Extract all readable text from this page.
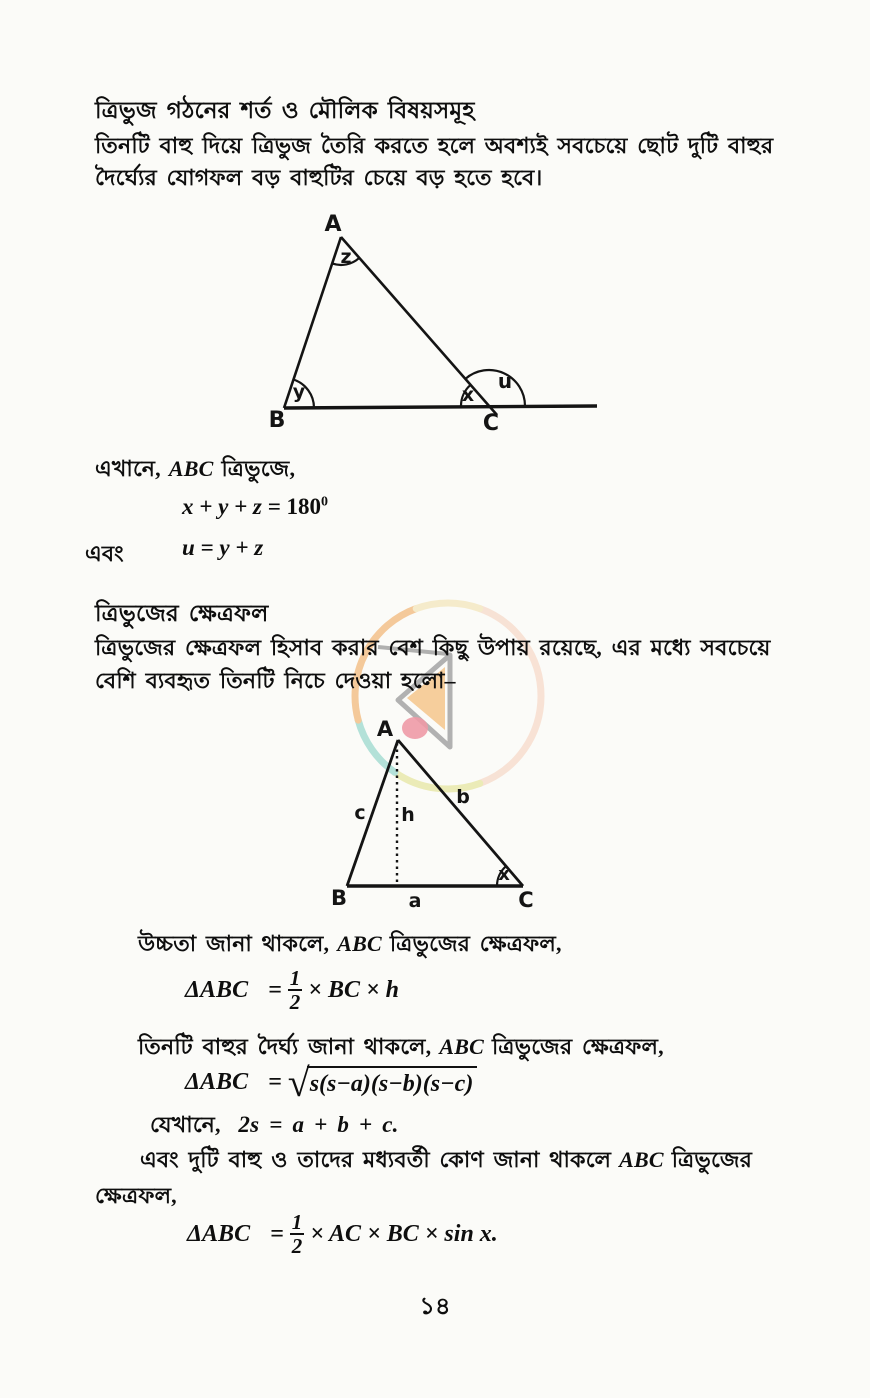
ত্রিভুজ গঠনের শর্ত ও মৌলিক বিষয়সমূহ
তিনটি বাহু দিয়ে ত্রিভুজ তৈরি করতে হলে অবশ্যই সবচেয়ে ছোট দুটি বাহুর
দৈর্ঘ্যের যোগফল বড় বাহুটির চেয়ে বড় হতে হবে।
A
B	C
z
y	x
u
এখানে, ABC ত্রিভুজে,
$x + y + z = 180^0$
এবং	u = y + z
ত্রিভুজের ক্ষেত্রফল
ত্রিভুজের ক্ষেত্রফল হিসাব করার বেশ কিছু উপায় রয়েছে, এর মধ্যে সবচেয়ে
বেশি ব্যবহৃত তিনটি নিচে দেওয়া হলো–
A
B	C
c h
b
a
x
উচ্চতা জানা থাকলে, ABC ত্রিভুজের ক্ষেত্রফল,
$\Delta ABC = \frac{1}{2}$ × BC × h
তিনটি বাহুর দৈর্ঘ্য জানা থাকলে, ABC ত্রিভুজের ক্ষেত্রফল,
ΔABC = √ s(s−a)(s−b)(s−c)
যেখানে, 2s = a + b + c.
এবং দুটি বাহু ও তাদের মধ্যবর্তী কোণ জানা থাকলে ABC ত্রিভুজের
ক্ষেত্রফল,
$\Delta ABC = \frac{1}{2}$ × AC × BC × sin x.
১৪
